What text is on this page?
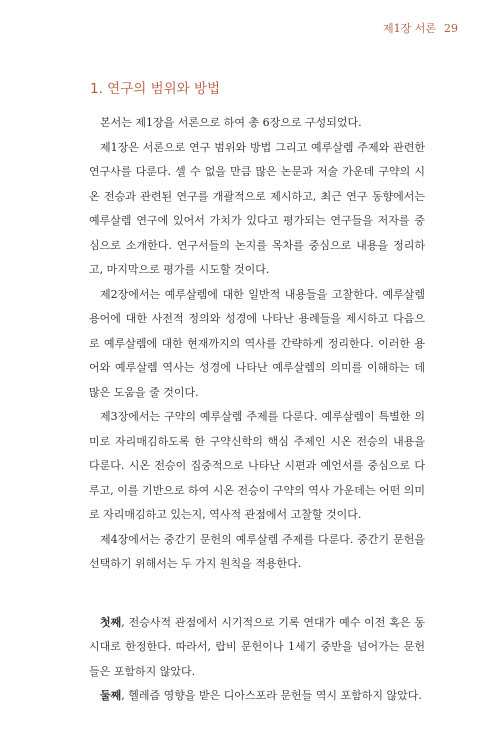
제1장 서론 29
1. 연구의 범위와 방법

본서는 제1장을 서론으로 하여 총 6장으로 구성되었다.

제1장은 서론으로 연구 범위와 방법 그리고 예루살렘 주제와 관련한 연구사를 다룬다. 셀 수 없을 만큼 많은 논문과 저술 가운데 구약의 시온 전승과 관련된 연구를 개괄적으로 제시하고, 최근 연구 동향에서는 예루살렘 연구에 있어서 가치가 있다고 평가되는 연구들을 저자를 중심으로 소개한다. 연구서들의 논지를 목차를 중심으로 내용을 정리하고, 마지막으로 평가를 시도할 것이다.

제2장에서는 예루살렘에 대한 일반적 내용들을 고찰한다. 예루살렘 용어에 대한 사전적 정의와 성경에 나타난 용례들을 제시하고 다음으로 예루살렘에 대한 현재까지의 역사를 간략하게 정리한다. 이러한 용어와 예루살렘 역사는 성경에 나타난 예루살렘의 의미를 이해하는 데 많은 도움을 줄 것이다.

제3장에서는 구약의 예루살렘 주제를 다룬다. 예루살렘이 특별한 의미로 자리매김하도록 한 구약신학의 핵심 주제인 시온 전승의 내용을 다룬다. 시온 전승이 집중적으로 나타난 시편과 예언서를 중심으로 다루고, 이를 기반으로 하여 시온 전승이 구약의 역사 가운데는 어떤 의미로 자리매김하고 있는지, 역사적 관점에서 고찰할 것이다.

제4장에서는 중간기 문헌의 예루살렘 주제를 다룬다. 중간기 문헌을 선택하기 위해서는 두 가지 원칙을 적용한다.

첫째, 전승사적 관점에서 시기적으로 기록 연대가 예수 이전 혹은 동시대로 한정한다. 따라서, 랍비 문헌이나 1세기 중반을 넘어가는 문헌들은 포함하지 않았다.

둘째, 헬레즘 영향을 받은 디아스포라 문헌들 역시 포함하지 않았다.
